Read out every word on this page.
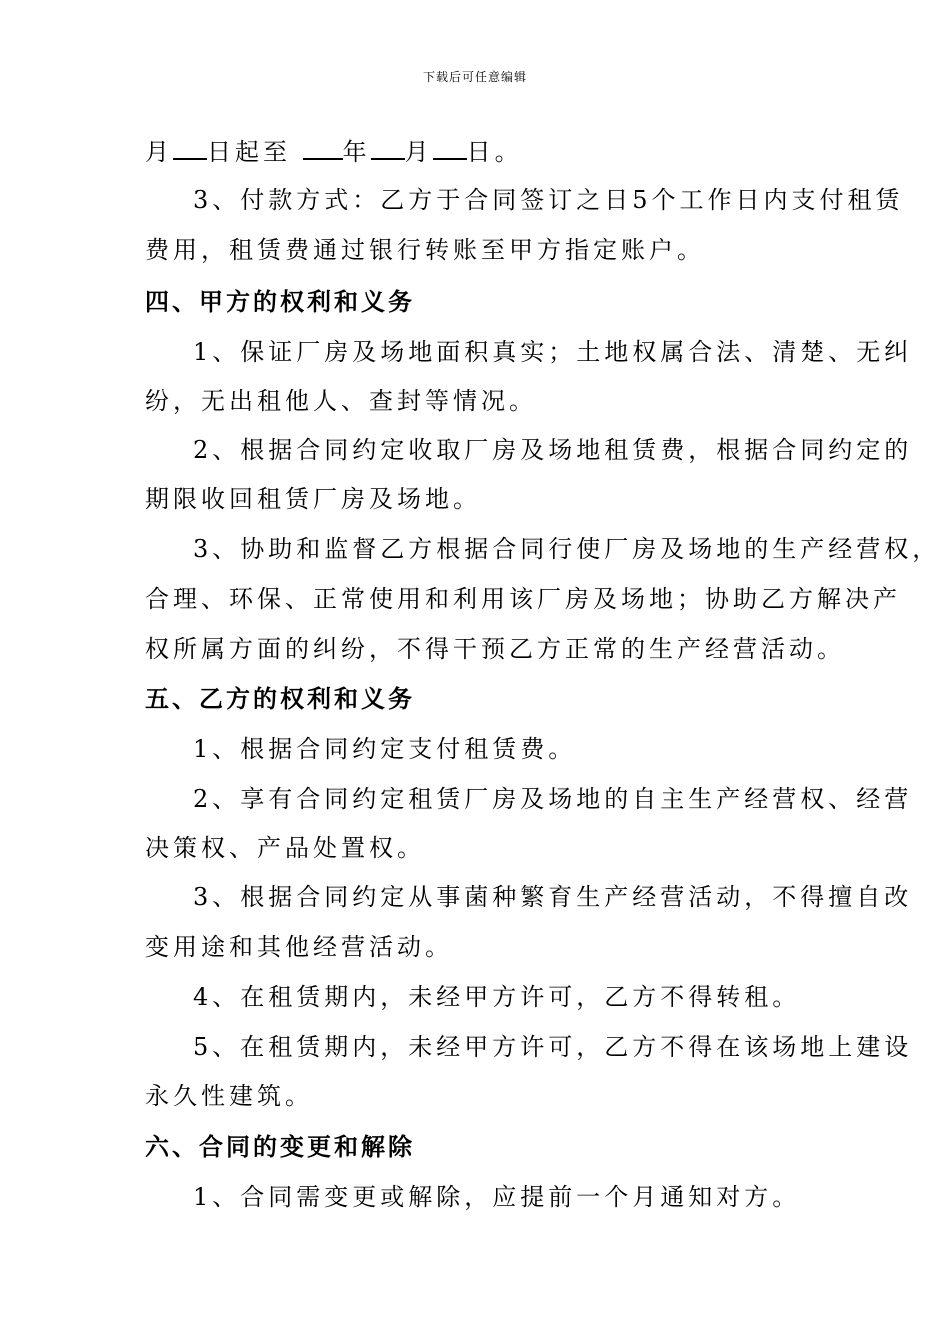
下载后可任意编辑
月 日起至 年 月 日。
3、付款方式：乙方于合同签订之日5个工作日内支付租赁
费用，租赁费通过银行转账至甲方指定账户。
四、甲方的权利和义务
1、保证厂房及场地面积真实；土地权属合法、清楚、无纠
纷，无出租他人、查封等情况。
2、根据合同约定收取厂房及场地租赁费，根据合同约定的
期限收回租赁厂房及场地。
3、协助和监督乙方根据合同行使厂房及场地的生产经营权，
合理、环保、正常使用和利用该厂房及场地；协助乙方解决产
权所属方面的纠纷，不得干预乙方正常的生产经营活动。
五、乙方的权利和义务
1、根据合同约定支付租赁费。
2、享有合同约定租赁厂房及场地的自主生产经营权、经营
决策权、产品处置权。
3、根据合同约定从事菌种繁育生产经营活动，不得擅自改
变用途和其他经营活动。
4、在租赁期内，未经甲方许可，乙方不得转租。
5、在租赁期内，未经甲方许可，乙方不得在该场地上建设
永久性建筑。
六、合同的变更和解除
1、合同需变更或解除，应提前一个月通知对方。
